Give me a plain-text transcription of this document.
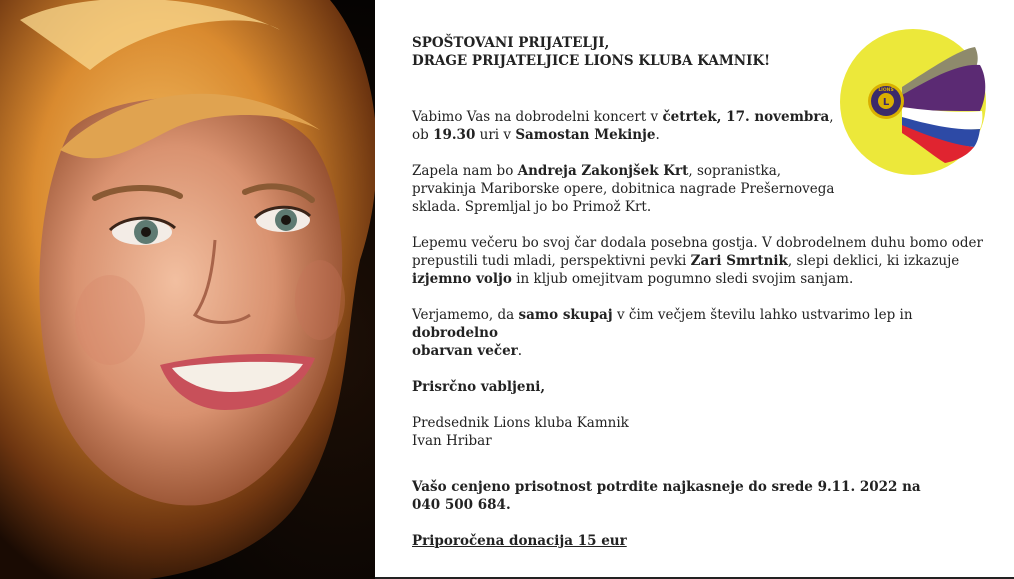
SPOŠTOVANI PRIJATELJI,

DRAGE PRIJATELJICE LIONS KLUBA KAMNIK!

Vabimo Vas na dobrodelni koncert v četrtek, 17. novembra,

ob 19.30 uri v Samostan Mekinje.

Zapela nam bo Andreja Zakonjšek Krt, sopranistka,

prvakinja Mariborske opere, dobitnica nagrade Prešernovega

sklada. Spremljal jo bo Primož Krt.

Lepemu večeru bo svoj čar dodala posebna gostja. V dobrodelnem duhu bomo oder

prepustili tudi mladi, perspektivni pevki Zari Smrtnik, slepi deklici, ki izkazuje

izjemno voljo in kljub omejitvam pogumno sledi svojim sanjam.

Verjamemo, da samo skupaj v čim večjem številu lahko ustvarimo lep in dobrodelno

obarvan večer.

Prisrčno vabljeni,

Predsednik Lions kluba Kamnik

Ivan Hribar

Vašo cenjeno prisotnost potrdite najkasneje do srede 9.11. 2022 na

040 500 684.

Priporočena donacija 15 eur

L
LIONS
